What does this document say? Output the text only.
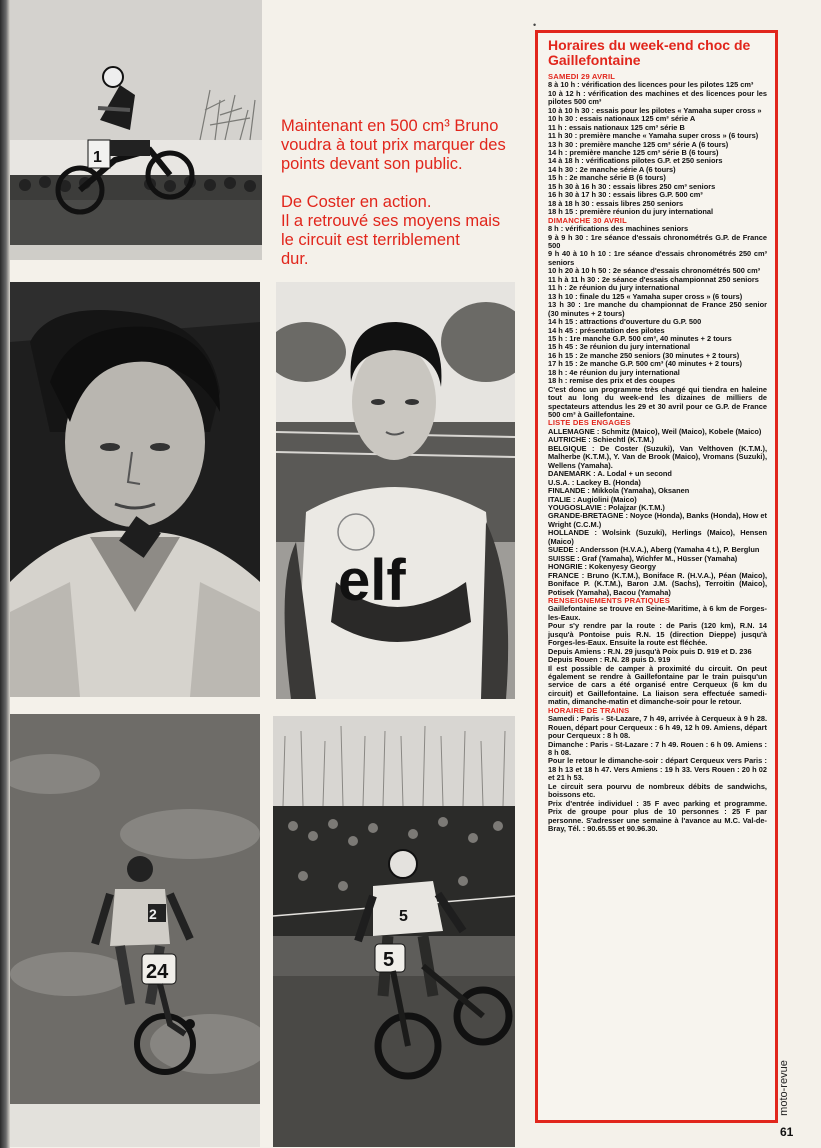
1
Maintenant en 500 cm³ Bruno
voudra à tout prix marquer des
points devant son public.
De Coster en action.
Il a retrouvé ses moyens mais
le circuit est terriblement
dur.
elf
2
24
5
5
•
Horaires du week-end choc de Gaillefontaine
SAMEDI 29 AVRIL

8 à 10 h : vérification des licences pour les pilotes 125 cm³

10 à 12 h : vérification des machines et des licences pour les pilotes 500 cm³

10 à 10 h 30 : essais pour les pilotes « Yamaha super cross »

10 h 30 : essais nationaux 125 cm³ série A

11 h : essais nationaux 125 cm³ série B

11 h 30 : première manche « Yamaha super cross » (6 tours)

13 h 30 : première manche 125 cm³ série A (6 tours)

14 h : première manche 125 cm³ série B (6 tours)

14 à 18 h : vérifications pilotes G.P. et 250 seniors

14 h 30 : 2e manche série A (6 tours)

15 h : 2e manche série B (6 tours)

15 h 30 à 16 h 30 : essais libres 250 cm³ seniors

16 h 30 à 17 h 30 : essais libres G.P. 500 cm³

18 à 18 h 30 : essais libres 250 seniors

18 h 15 : première réunion du jury international

DIMANCHE 30 AVRIL

8 h : vérifications des machines seniors

9 à 9 h 30 : 1re séance d'essais chronométrés G.P. de France 500

9 h 40 à 10 h 10 : 1re séance d'essais chronométrés 250 cm³ seniors

10 h 20 à 10 h 50 : 2e séance d'essais chronométrés 500 cm³

11 h à 11 h 30 : 2e séance d'essais championnat 250 seniors

11 h : 2e réunion du jury international

13 h 10 : finale du 125 « Yamaha super cross » (6 tours)

13 h 30 : 1re manche du championnat de France 250 senior (30 minutes + 2 tours)

14 h 15 : attractions d'ouverture du G.P. 500

14 h 45 : présentation des pilotes

15 h : 1re manche G.P. 500 cm³, 40 minutes + 2 tours

15 h 45 : 3e réunion du jury international

16 h 15 : 2e manche 250 seniors (30 minutes + 2 tours)

17 h 15 : 2e manche G.P. 500 cm³ (40 minutes + 2 tours)

18 h : 4e réunion du jury international

18 h : remise des prix et des coupes

C'est donc un programme très chargé qui tiendra en haleine tout au long du week-end les dizaines de milliers de spectateurs attendus les 29 et 30 avril pour ce G.P. de France 500 cm³ à Gaillefontaine.

LISTE DES ENGAGES

ALLEMAGNE : Schmitz (Maico), Weil (Maico), Kobele (Maico)

AUTRICHE : Schiechtl (K.T.M.)

BELGIQUE : De Coster (Suzuki), Van Velthoven (K.T.M.), Malherbe (K.T.M.), Y. Van de Brook (Maico), Vromans (Suzuki), Wellens (Yamaha).

DANEMARK : A. Lodal + un second

U.S.A. : Lackey B. (Honda)

FINLANDE : Mikkola (Yamaha), Oksanen

ITALIE : Augiolini (Maico)

YOUGOSLAVIE : Polajzar (K.T.M.)

GRANDE-BRETAGNE : Noyce (Honda), Banks (Honda), How et Wright (C.C.M.)

HOLLANDE : Wolsink (Suzuki), Herlings (Maico), Hensen (Maico)

SUEDE : Andersson (H.V.A.), Aberg (Yamaha 4 t.), P. Berglun

SUISSE : Graf (Yamaha), Wichfer M., Hüsser (Yamaha)

HONGRIE : Kokenyesy Georgy

FRANCE : Bruno (K.T.M.), Boniface R. (H.V.A.), Péan (Maico), Boniface P. (K.T.M.), Baron J.M. (Sachs), Terroitin (Maico), Potisek (Yamaha), Bacou (Yamaha)

RENSEIGNEMENTS PRATIQUES

Gaillefontaine se trouve en Seine-Maritime, à 6 km de Forges-les-Eaux.

Pour s'y rendre par la route : de Paris (120 km), R.N. 14 jusqu'à Pontoise puis R.N. 15 (direction Dieppe) jusqu'à Forges-les-Eaux. Ensuite la route est fléchée.

Depuis Amiens : R.N. 29 jusqu'à Poix puis D. 919 et D. 236

Depuis Rouen : R.N. 28 puis D. 919

Il est possible de camper à proximité du circuit. On peut également se rendre à Gaillefontaine par le train puisqu'un service de cars a été organisé entre Cerqueux (6 km du circuit) et Gaillefontaine. La liaison sera effectuée samedi-matin, dimanche-matin et dimanche-soir pour le retour.

HORAIRE DE TRAINS

Samedi : Paris - St-Lazare, 7 h 49, arrivée à Cerqueux à 9 h 28. Rouen, départ pour Cerqueux : 6 h 49, 12 h 09. Amiens, départ pour Cerqueux : 8 h 08.

Dimanche : Paris - St-Lazare : 7 h 49. Rouen : 6 h 09. Amiens : 8 h 08.

Pour le retour le dimanche-soir : départ Cerqueux vers Paris : 18 h 13 et 18 h 47. Vers Amiens : 19 h 33. Vers Rouen : 20 h 02 et 21 h 53.

Le circuit sera pourvu de nombreux débits de sandwichs, boissons etc.

Prix d'entrée individuel : 35 F avec parking et programme. Prix de groupe pour plus de 10 personnes : 25 F par personne. S'adresser une semaine à l'avance au M.C. Val-de-Bray, Tél. : 90.65.55 et 90.96.30.

moto-revue
61
